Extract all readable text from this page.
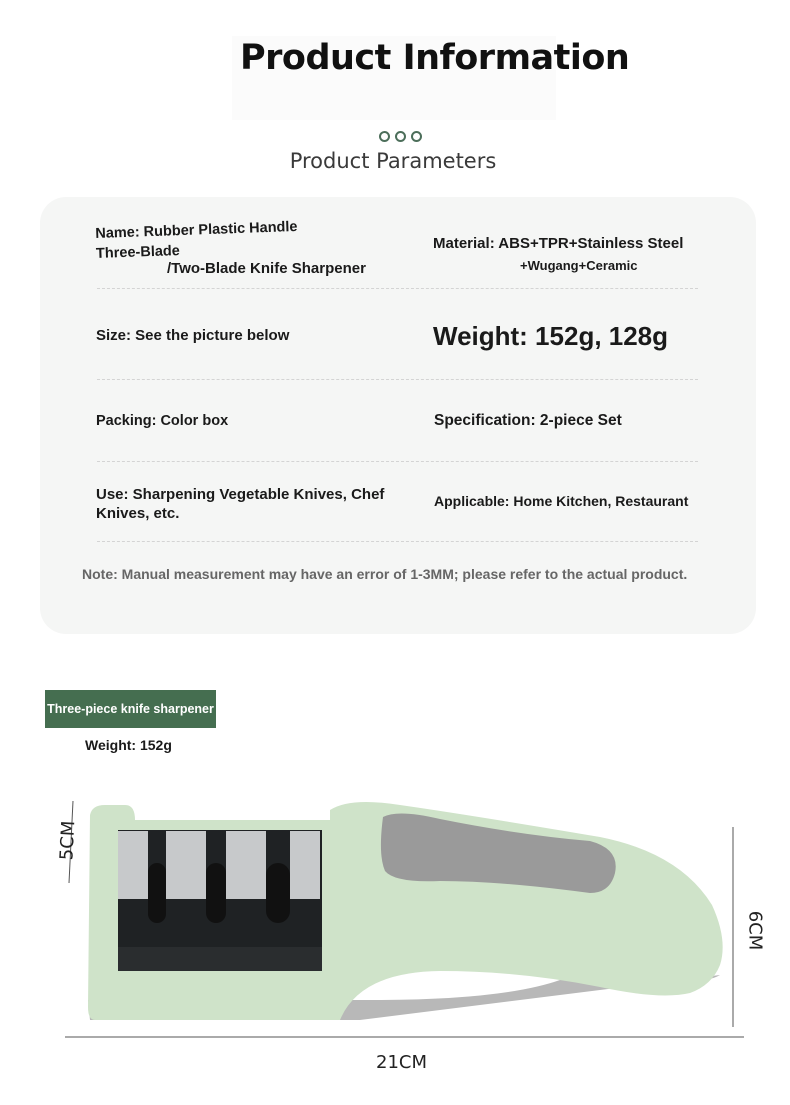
Product Information
Product Parameters
Name: Rubber Plastic Handle
Three-Blade
/Two-Blade Knife Sharpener
Material: ABS+TPR+Stainless Steel
+Wugang+Ceramic
Size: See the picture below	Weight: 152g, 128g
Packing: Color box	Specification: 2-piece Set
Use: Sharpening Vegetable Knives, Chef Knives, etc.
Applicable: Home Kitchen, Restaurant
Note: Manual measurement may have an error of 1-3MM; please refer to the actual product.
Three-piece knife sharpener
Weight: 152g
5CM
6CM
21CM
